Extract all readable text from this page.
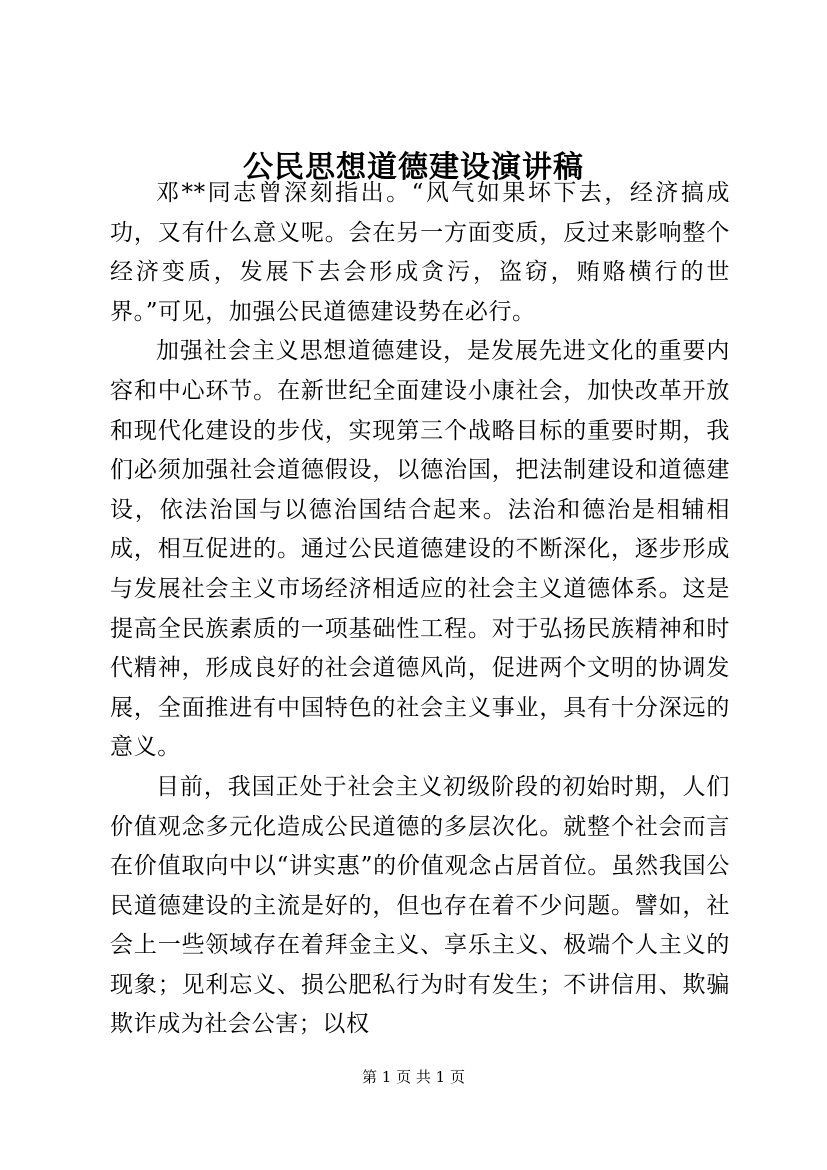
公民思想道德建设演讲稿

邓**同志曾深刻指出。“风气如果坏下去，经济搞成功，又有什么意义呢。会在另一方面变质，反过来影响整个经济变质，发展下去会形成贪污，盗窃，贿赂横行的世界。”可见，加强公民道德建设势在必行。

加强社会主义思想道德建设，是发展先进文化的重要内容和中心环节。在新世纪全面建设小康社会，加快改革开放和现代化建设的步伐，实现第三个战略目标的重要时期，我们必须加强社会道德假设，以德治国，把法制建设和道德建设，依法治国与以德治国结合起来。法治和德治是相辅相成，相互促进的。通过公民道德建设的不断深化，逐步形成与发展社会主义市场经济相适应的社会主义道德体系。这是提高全民族素质的一项基础性工程。对于弘扬民族精神和时代精神，形成良好的社会道德风尚，促进两个文明的协调发展，全面推进有中国特色的社会主义事业，具有十分深远的意义。

目前，我国正处于社会主义初级阶段的初始时期，人们价值观念多元化造成公民道德的多层次化。就整个社会而言在价值取向中以“讲实惠”的价值观念占居首位。虽然我国公民道德建设的主流是好的，但也存在着不少问题。譬如，社会上一些领域存在着拜金主义、享乐主义、极端个人主义的现象；见利忘义、损公肥私行为时有发生；不讲信用、欺骗欺诈成为社会公害；以权

第 1 页 共 1 页
